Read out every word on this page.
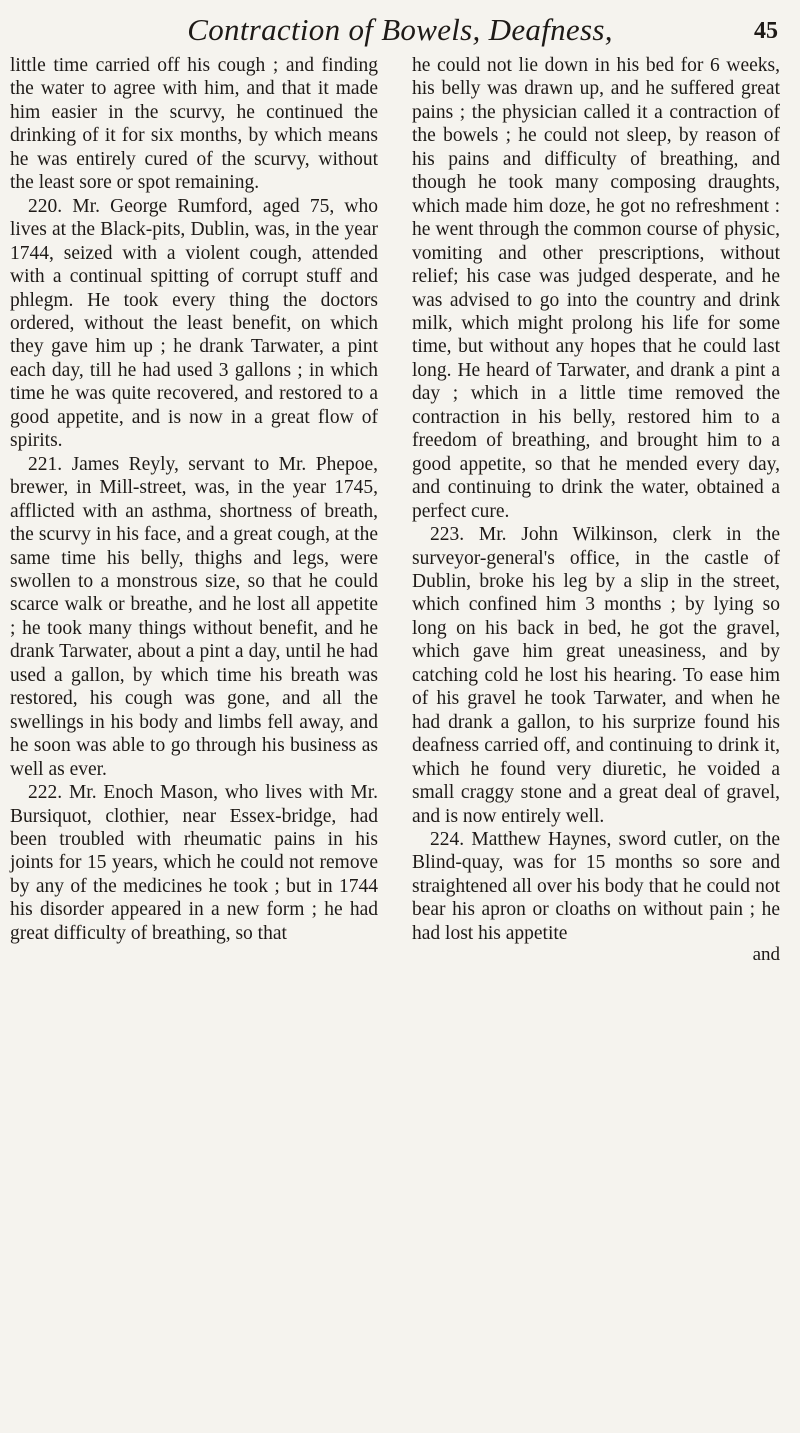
Contraction of Bowels, Deafness,	45

little time carried off his cough ; and finding the water to agree with him, and that it made him easier in the scurvy, he continued the drinking of it for six months, by which means he was entirely cured of the scurvy, without the least sore or spot remaining.

220. Mr. George Rumford, aged 75, who lives at the Black-pits, Dublin, was, in the year 1744, seized with a violent cough, attended with a continual spitting of corrupt stuff and phlegm. He took every thing the doctors ordered, without the least benefit, on which they gave him up ; he drank Tarwater, a pint each day, till he had used 3 gallons ; in which time he was quite recovered, and restored to a good appetite, and is now in a great flow of spirits.

221. James Reyly, servant to Mr. Phepoe, brewer, in Mill-street, was, in the year 1745, afflicted with an asthma, shortness of breath, the scurvy in his face, and a great cough, at the same time his belly, thighs and legs, were swollen to a monstrous size, so that he could scarce walk or breathe, and he lost all appetite ; he took many things without benefit, and he drank Tarwater, about a pint a day, until he had used a gallon, by which time his breath was restored, his cough was gone, and all the swellings in his body and limbs fell away, and he soon was able to go through his business as well as ever.

222. Mr. Enoch Mason, who lives with Mr. Bursiquot, clothier, near Essex-bridge, had been troubled with rheumatic pains in his joints for 15 years, which he could not remove by any of the medicines he took ; but in 1744 his disorder appeared in a new form ; he had great difficulty of breathing, so that

he could not lie down in his bed for 6 weeks, his belly was drawn up, and he suffered great pains ; the physician called it a contraction of the bowels ; he could not sleep, by reason of his pains and difficulty of breathing, and though he took many composing draughts, which made him doze, he got no refreshment : he went through the common course of physic, vomiting and other prescriptions, without relief; his case was judged desperate, and he was advised to go into the country and drink milk, which might prolong his life for some time, but without any hopes that he could last long. He heard of Tarwater, and drank a pint a day ; which in a little time removed the contraction in his belly, restored him to a freedom of breathing, and brought him to a good appetite, so that he mended every day, and continuing to drink the water, obtained a perfect cure.

223. Mr. John Wilkinson, clerk in the surveyor-general's office, in the castle of Dublin, broke his leg by a slip in the street, which confined him 3 months ; by lying so long on his back in bed, he got the gravel, which gave him great uneasiness, and by catching cold he lost his hearing. To ease him of his gravel he took Tarwater, and when he had drank a gallon, to his surprize found his deafness carried off, and continuing to drink it, which he found very diuretic, he voided a small craggy stone and a great deal of gravel, and is now entirely well.

224. Matthew Haynes, sword cutler, on the Blind-quay, was for 15 months so sore and straightened all over his body that he could not bear his apron or cloaths on without pain ; he had lost his appetite

and
